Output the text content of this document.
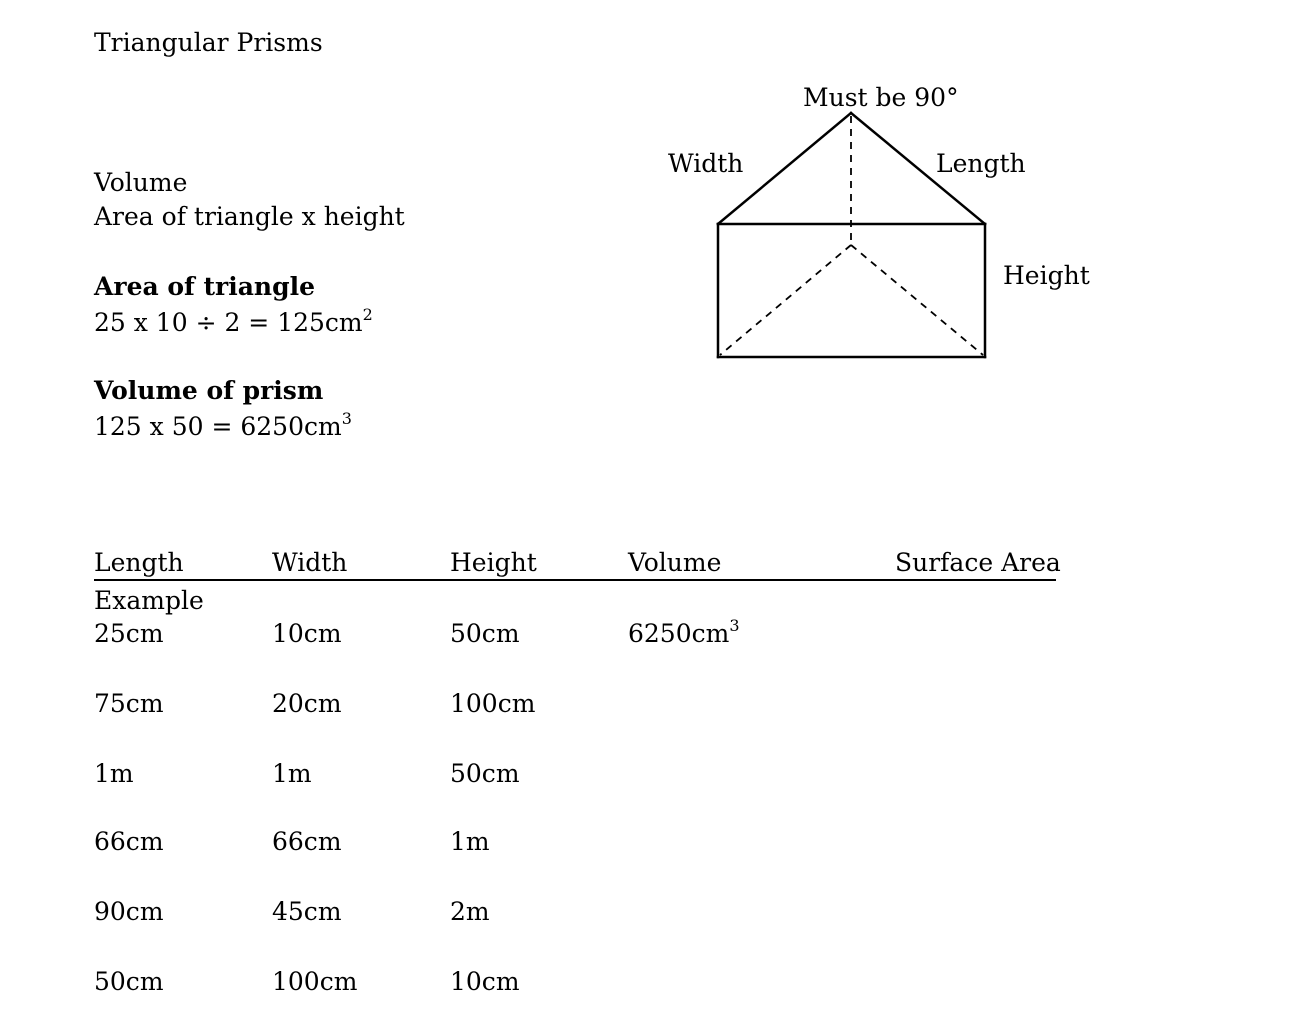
Triangular Prisms
Volume
Area of triangle x height
Area of triangle
25 x $10 \div 2 = 125cm^2$
Volume of prism
125 x $50 = 6250cm^3$
Must be 90°
Width	Length
Height
Length	Width	Height	Volume	Surface Area
Example
25cm	10cm	50cm	$6250cm^3$
75cm	20cm	100cm
1m	1m	50cm
66cm	66cm	1m
90cm	45cm	2m
50cm	100cm	10cm
